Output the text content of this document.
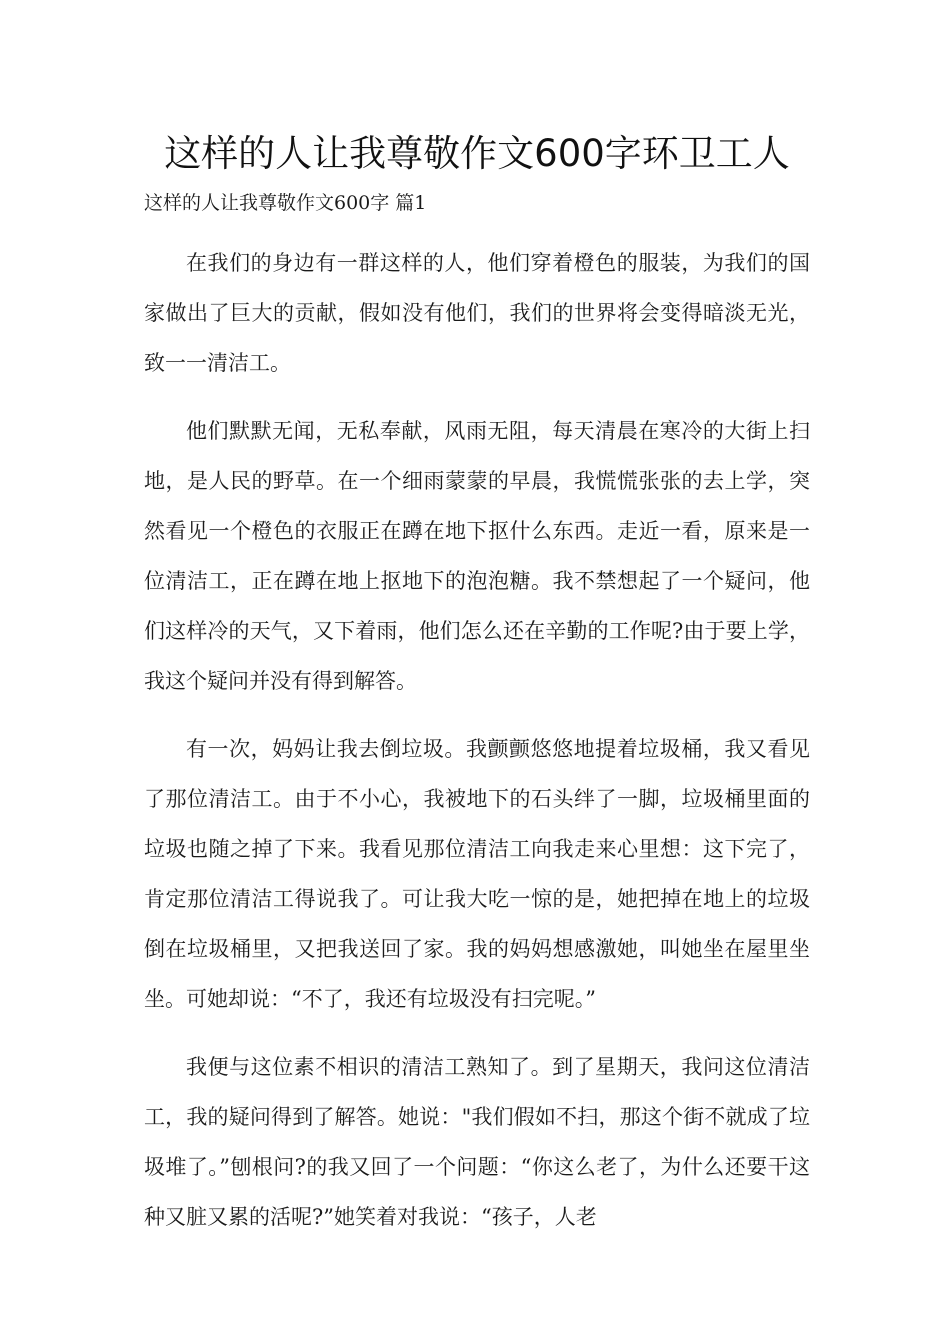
这样的人让我尊敬作文600字环卫工人
这样的人让我尊敬作文600字 篇1

在我们的身边有一群这样的人，他们穿着橙色的服装，为我们的国家做出了巨大的贡献，假如没有他们，我们的世界将会变得暗淡无光，致一一清洁工。

他们默默无闻，无私奉献，风雨无阻，每天清晨在寒冷的大街上扫地，是人民的野草。在一个细雨蒙蒙的早晨，我慌慌张张的去上学，突然看见一个橙色的衣服正在蹲在地下抠什么东西。走近一看，原来是一位清洁工，正在蹲在地上抠地下的泡泡糖。我不禁想起了一个疑问，他们这样冷的天气，又下着雨，他们怎么还在辛勤的工作呢?由于要上学，我这个疑问并没有得到解答。

有一次，妈妈让我去倒垃圾。我颤颤悠悠地提着垃圾桶，我又看见了那位清洁工。由于不小心，我被地下的石头绊了一脚，垃圾桶里面的垃圾也随之掉了下来。我看见那位清洁工向我走来心里想：这下完了，肯定那位清洁工得说我了。可让我大吃一惊的是，她把掉在地上的垃圾倒在垃圾桶里，又把我送回了家。我的妈妈想感激她，叫她坐在屋里坐坐。可她却说：“不了，我还有垃圾没有扫完呢。”

我便与这位素不相识的清洁工熟知了。到了星期天，我问这位清洁工，我的疑问得到了解答。她说："我们假如不扫，那这个街不就成了垃圾堆了。”刨根问?的我又回了一个问题：“你这么老了，为什么还要干这种又脏又累的活呢?”她笑着对我说：“孩子，人老
